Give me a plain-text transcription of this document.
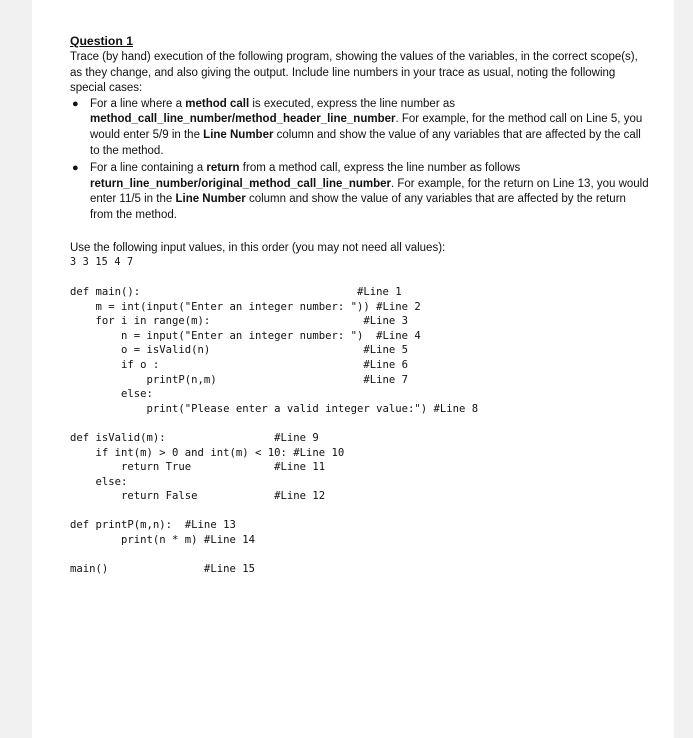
Question 1

Trace (by hand) execution of the following program, showing the values of the variables, in the correct scope(s), as they change, and also giving the output. Include line numbers in your trace as usual, noting the following special cases:

● For a line where a method call is executed, express the line number as method_call_line_number/method_header_line_number. For example, for the method call on Line 5, you would enter 5/9 in the Line Number column and show the value of any variables that are affected by the call to the method.
● For a line containing a return from a method call, express the line number as follows return_line_number/original_method_call_line_number. For example, for the return on Line 13, you would enter 11/5 in the Line Number column and show the value of any variables that are affected by the return from the method.
Use the following input values, in this order (you may not need all values):
3 3 15 4 7
def main():                                  #Line 1
m = int(input("Enter an integer number: ")) #Line 2
for i in range(m):                        #Line 3
n = input("Enter an integer number: ")  #Line 4
o = isValid(n)                        #Line 5
if o :                                #Line 6
printP(n,m)                       #Line 7
else:
print("Please enter a valid integer value:") #Line 8
def isValid(m):                 #Line 9
if int(m) > 0 and int(m) < 10: #Line 10
return True             #Line 11
else:
return False            #Line 12
def printP(m,n):  #Line 13
print(n * m) #Line 14
main()               #Line 15
